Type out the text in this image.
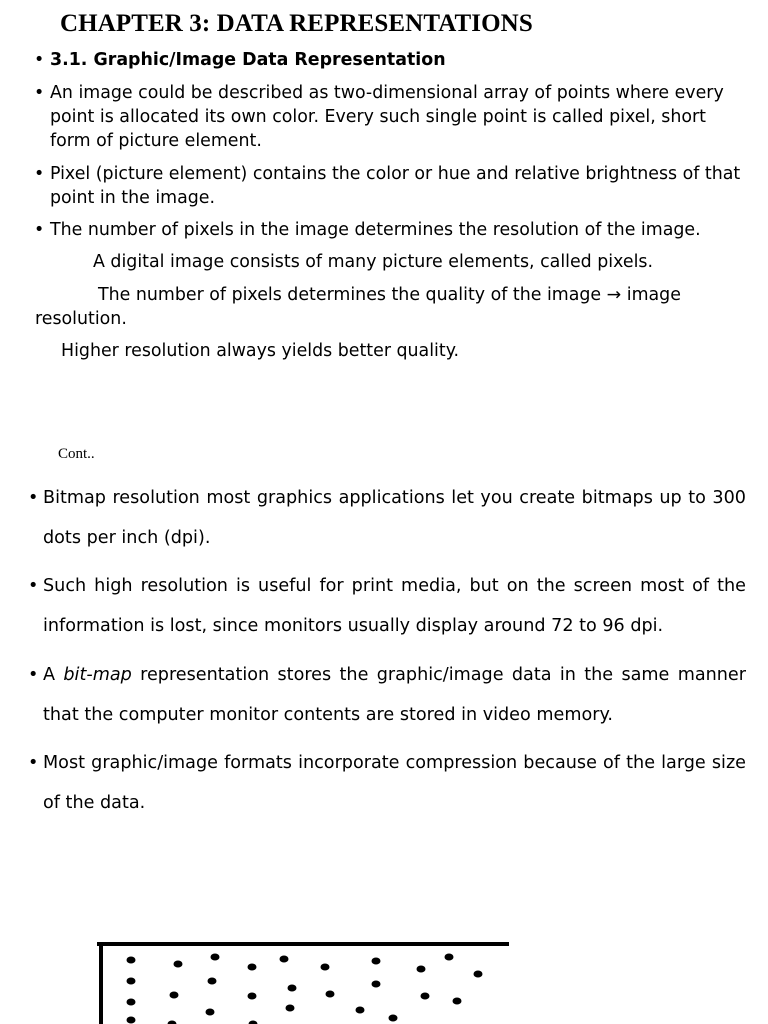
CHAPTER 3: DATA REPRESENTATIONS
• 3.1. Graphic/Image Data Representation
• An image could be described as two-dimensional array of points where every point is allocated its own color. Every such single point is called pixel, short form of picture element.
• Pixel (picture element) contains the color or hue and relative brightness of that point in the image.
• The number of pixels in the image determines the resolution of the image.
A digital image consists of many picture elements, called pixels.
The number of pixels determines the quality of the image → image
resolution.
Higher resolution always yields better quality.
Cont..
• Bitmap resolution most graphics applications let you create bitmaps up to 300 dots per inch (dpi).
• Such high resolution is useful for print media, but on the screen most of the information is lost, since monitors usually display around 72 to 96 dpi.
• A bit-map representation stores the graphic/image data in the same manner that the computer monitor contents are stored in video memory.
• Most graphic/image formats incorporate compression because of the large size of the data.
